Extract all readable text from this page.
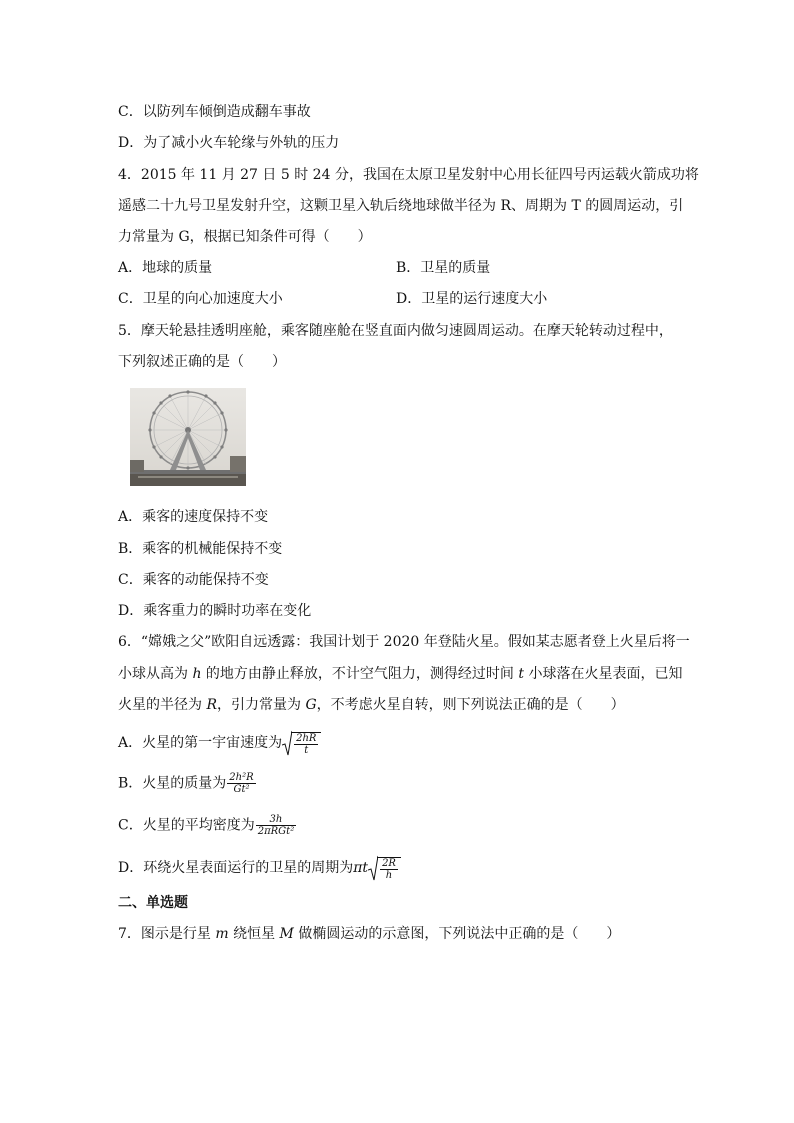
C．以防列车倾倒造成翻车事故
D．为了减小火车轮缘与外轨的压力
4．2015 年 11 月 27 日 5 时 24 分，我国在太原卫星发射中心用长征四号丙运载火箭成功将
遥感二十九号卫星发射升空，这颗卫星入轨后绕地球做半径为 R、周期为 T 的圆周运动，引
力常量为 G，根据已知条件可得（　　）
A．地球的质量	B．卫星的质量
C．卫星的向心加速度大小	D．卫星的运行速度大小
5．摩天轮悬挂透明座舱，乘客随座舱在竖直面内做匀速圆周运动。在摩天轮转动过程中，
下列叙述正确的是（　　）
A．乘客的速度保持不变
B．乘客的机械能保持不变
C．乘客的动能保持不变
D．乘客重力的瞬时功率在变化
6．“嫦娥之父”欧阳自远透露：我国计划于 2020 年登陆火星。假如某志愿者登上火星后将一
小球从高为 h 的地方由静止释放，不计空气阻力，测得经过时间 t 小球落在火星表面，已知
火星的半径为 R，引力常量为 G，不考虑火星自转，则下列说法正确的是（　　）
A．火星的第一宇宙速度为 $\frac{2hR}{t}$
B．火星的质量为 $\frac{\text{2h²R}}{\text{Gt²}}$
C．火星的平均密度为 $\frac{3h}{\text{2πRGt²}}$
D．环绕火星表面运行的卫星的周期为πt $\frac{2R}{h}$
二、单选题
7．图示是行星 m 绕恒星 M 做椭圆运动的示意图，下列说法中正确的是（　　）
